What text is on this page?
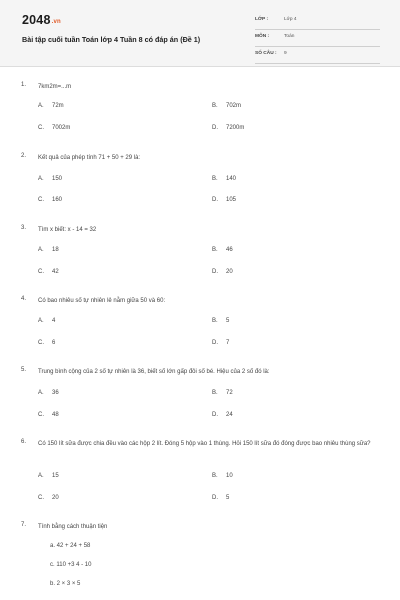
2048.vn
Bài tập cuối tuần Toán lớp 4 Tuần 8 có đáp án (Đề 1)
LỚP :	Lớp 4
MÔN :	Toán
SỐ CÂU : 9
1.	7km2m=...m
A. 72m	B. 702m
C. 7002m	D. 7200m
2.	Kết quả của phép tính 71 + 50 + 29 là:
A. 150	B. 140
C. 160	D. 105
3.	Tìm x biết: x - 14 = 32
A. 18	B. 46
C. 42	D. 20
4.	Có bao nhiêu số tự nhiên lẻ nằm giữa 50 và 60:
A. 4	B. 5
C. 6	D. 7
5.	Trung bình cộng của 2 số tự nhiên là 36, biết số lớn gấp đôi số bé. Hiệu của 2 số đó là:
A. 36	B. 72
C. 48	D. 24
6.	Có 150 lít sữa được chia đều vào các hộp 2 lít. Đóng 5 hộp vào 1 thùng. Hỏi 150 lít sữa đó đóng được bao nhiêu thùng sữa?
A. 15	B. 10
C. 20	D. 5
7.	Tính bằng cách thuận tiện
a. 42 + 24 + 58
c. 110 +3 4 - 10
b. 2 × 3 × 5
